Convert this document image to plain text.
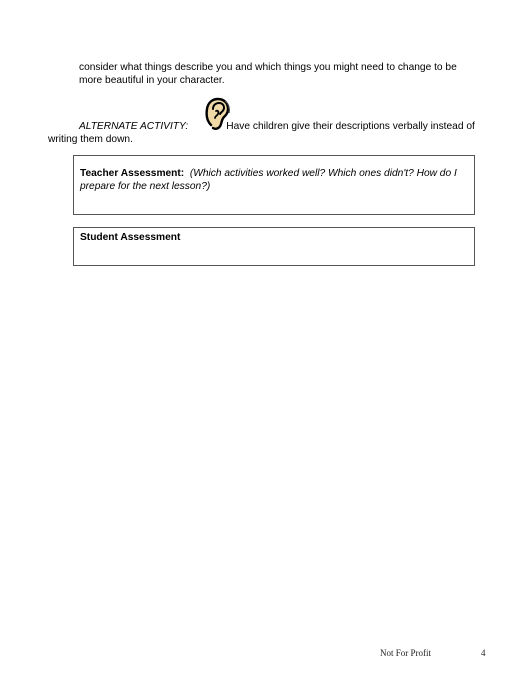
consider what things describe you and which things you might need to change to be more beautiful in your character.
ALTERNATE ACTIVITY:	Have children give their descriptions verbally instead of writing them down.
Teacher Assessment: (Which activities worked well? Which ones didn't? How do I prepare for the next lesson?)
Student Assessment
Not For Profit	4
